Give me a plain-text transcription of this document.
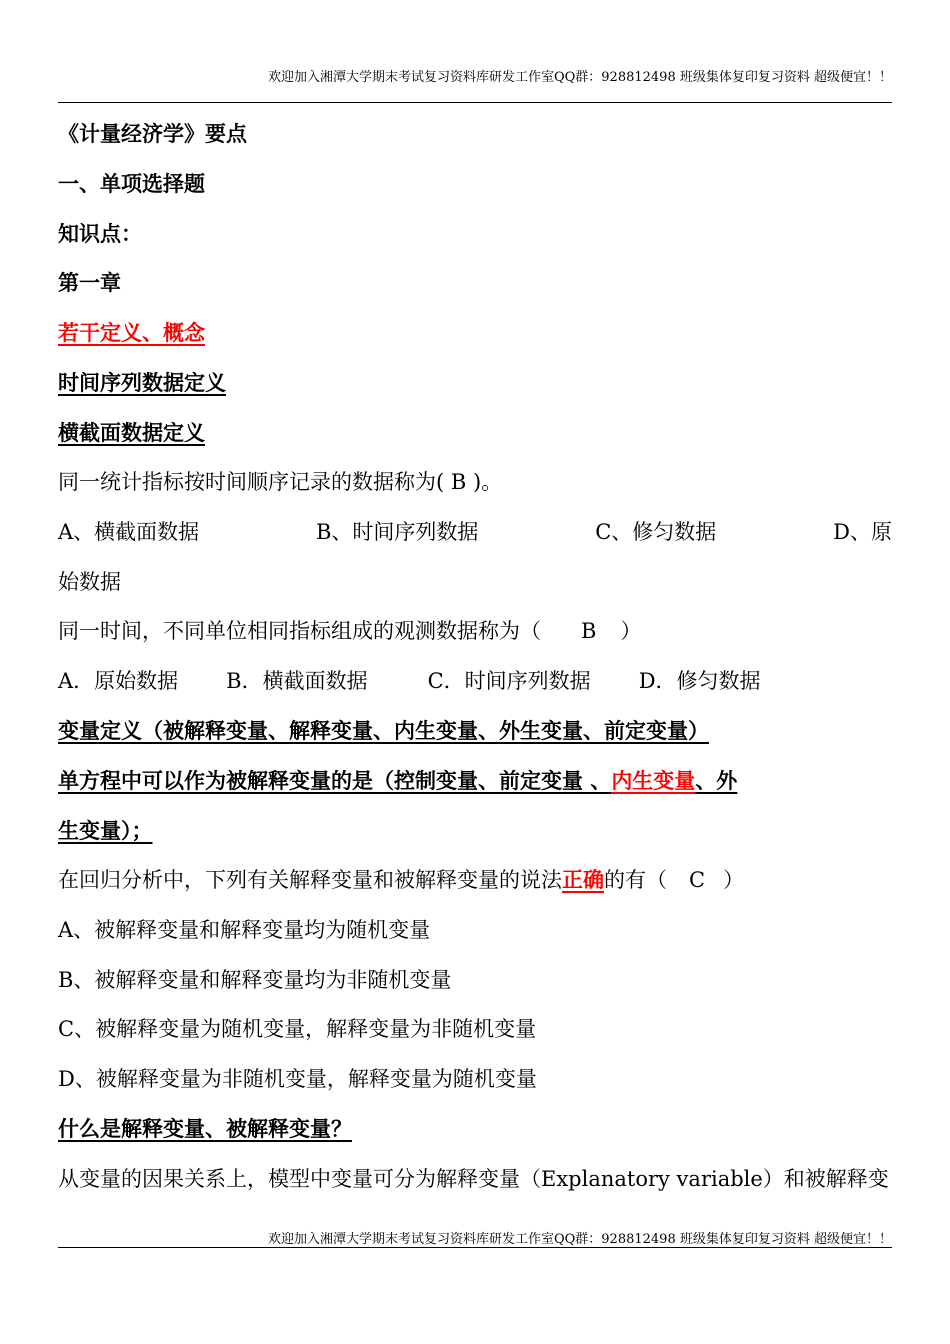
欢迎加入湘潭大学期末考试复习资料库研发工作室QQ群：928812498 班级集体复印复习资料 超级便宜！！
《计量经济学》要点
一、单项选择题
知识点：
第一章
若干定义、概念
时间序列数据定义
横截面数据定义
同一统计指标按时间顺序记录的数据称为( B )。
A、横截面数据	B、时间序列数据	C、修匀数据	D、原
始数据
同一时间，不同单位相同指标组成的观测数据称为（ B ）
A．原始数据 B．横截面数据	C．时间序列数据 D．修匀数据
变量定义（被解释变量、解释变量、内生变量、外生变量、前定变量）
单方程中可以作为被解释变量的是（控制变量、前定变量 、内生变量、外
生变量）；
在回归分析中，下列有关解释变量和被解释变量的说法正确的有（ C ）
A、被解释变量和解释变量均为随机变量
B、被解释变量和解释变量均为非随机变量
C、被解释变量为随机变量，解释变量为非随机变量
D、被解释变量为非随机变量，解释变量为随机变量
什么是解释变量、被解释变量？
从变量的因果关系上，模型中变量可分为解释变量（Explanatory variable）和被解释变
欢迎加入湘潭大学期末考试复习资料库研发工作室QQ群：928812498 班级集体复印复习资料 超级便宜！！
